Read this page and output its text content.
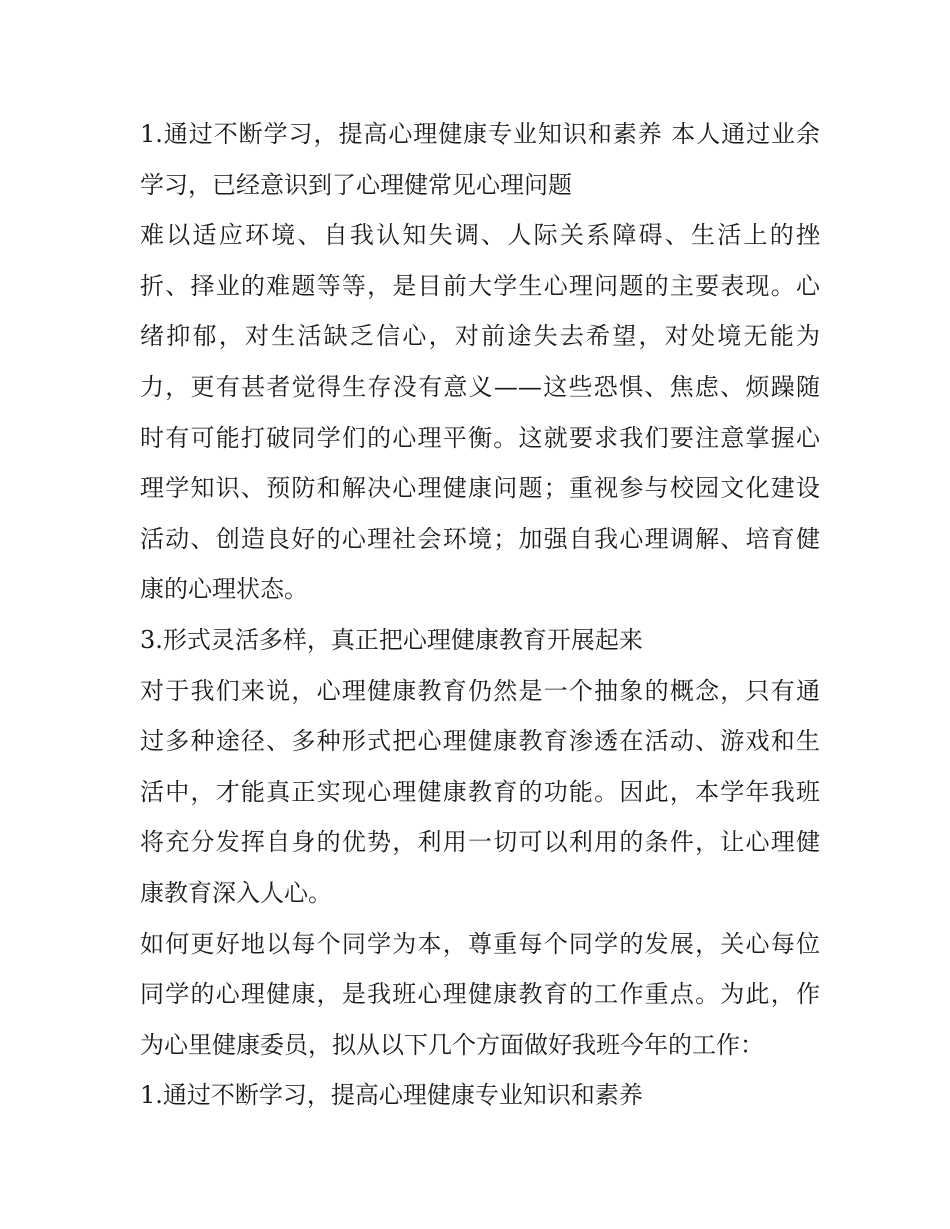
1.通过不断学习，提高心理健康专业知识和素养 本人通过业余
学习，已经意识到了心理健常见心理问题
难以适应环境、自我认知失调、人际关系障碍、生活上的挫
折、择业的难题等等，是目前大学生心理问题的主要表现。心
绪抑郁，对生活缺乏信心，对前途失去希望，对处境无能为
力，更有甚者觉得生存没有意义——这些恐惧、焦虑、烦躁随
时有可能打破同学们的心理平衡。这就要求我们要注意掌握心
理学知识、预防和解决心理健康问题；重视参与校园文化建设
活动、创造良好的心理社会环境；加强自我心理调解、培育健
康的心理状态。
3.形式灵活多样，真正把心理健康教育开展起来
对于我们来说，心理健康教育仍然是一个抽象的概念，只有通
过多种途径、多种形式把心理健康教育渗透在活动、游戏和生
活中，才能真正实现心理健康教育的功能。因此，本学年我班
将充分发挥自身的优势，利用一切可以利用的条件，让心理健
康教育深入人心。
如何更好地以每个同学为本，尊重每个同学的发展，关心每位
同学的心理健康，是我班心理健康教育的工作重点。为此，作
为心里健康委员，拟从以下几个方面做好我班今年的工作：
1.通过不断学习，提高心理健康专业知识和素养
